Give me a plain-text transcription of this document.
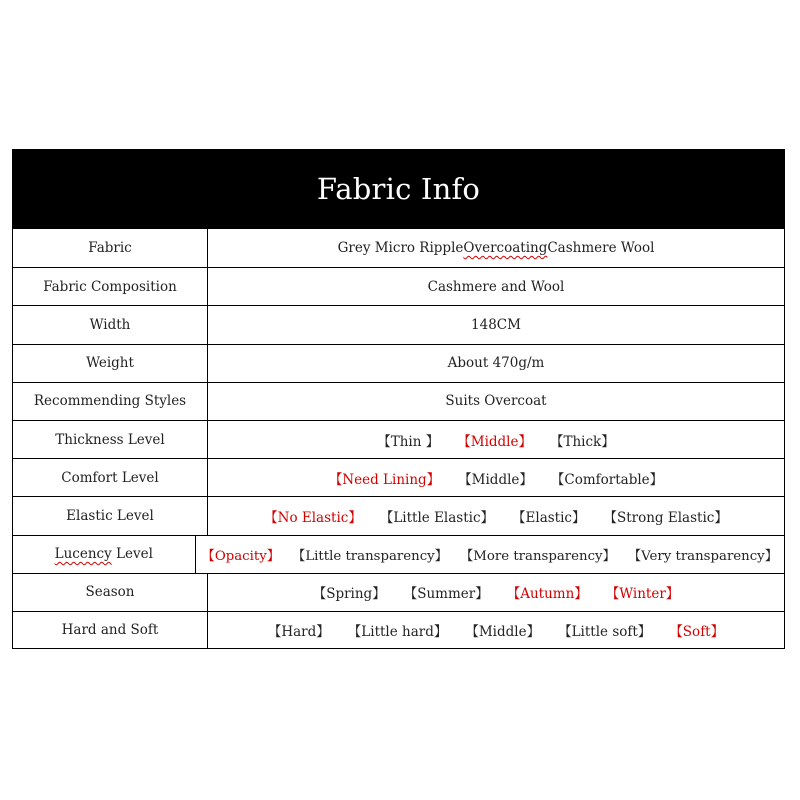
Fabric Info
Fabric	Grey Micro Ripple Overcoating Cashmere Wool
Fabric Composition	Cashmere and Wool
Width	148CM
Weight	About 470g/m
Recommending Styles	Suits Overcoat
Thickness Level	【Thin 】 【Middle】 【Thick】
Comfort Level	【Need Lining】 【Middle】 【Comfortable】
Elastic Level	【No Elastic】 【Little Elastic】 【Elastic】 【Strong Elastic】
Lucency Level	【Opacity】 【Little transparency】 【More transparency】 【Very transparency】
Season	【Spring】 【Summer】 【Autumn】 【Winter】
Hard and Soft	【Hard】 【Little hard】 【Middle】 【Little soft】 【Soft】
